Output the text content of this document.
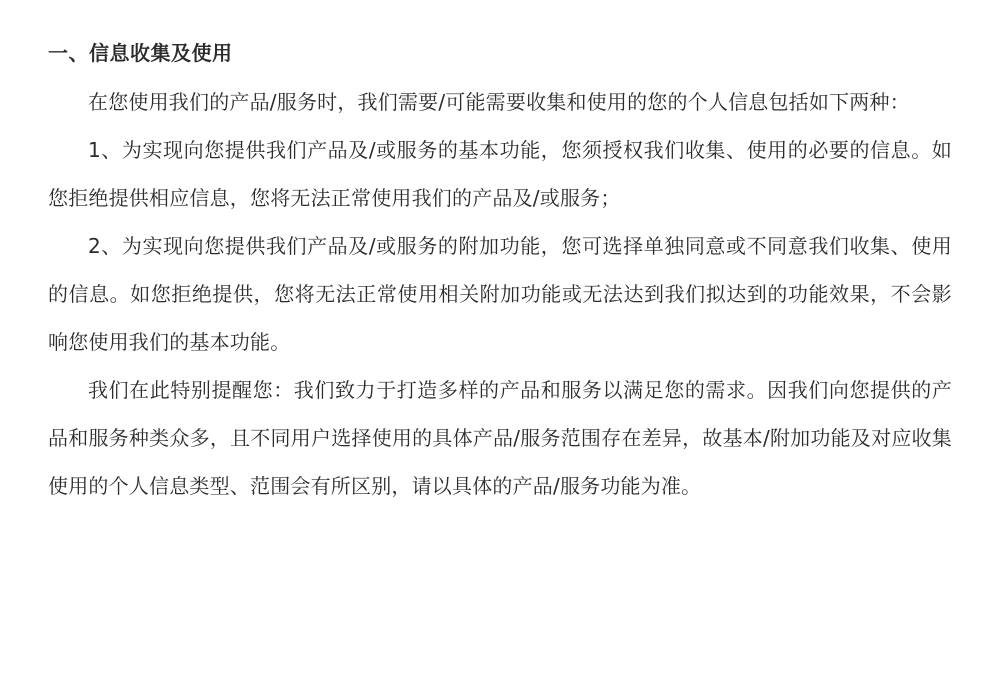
一、信息收集及使用

在您使用我们的产品/服务时，我们需要/可能需要收集和使用的您的个人信息包括如下两种：

1、为实现向您提供我们产品及/或服务的基本功能，您须授权我们收集、使用的必要的信息。如您拒绝提供相应信息，您将无法正常使用我们的产品及/或服务；

2、为实现向您提供我们产品及/或服务的附加功能，您可选择单独同意或不同意我们收集、使用的信息。如您拒绝提供，您将无法正常使用相关附加功能或无法达到我们拟达到的功能效果，不会影响您使用我们的基本功能。

我们在此特别提醒您：我们致力于打造多样的产品和服务以满足您的需求。因我们向您提供的产品和服务种类众多，且不同用户选择使用的具体产品/服务范围存在差异，故基本/附加功能及对应收集使用的个人信息类型、范围会有所区别，请以具体的产品/服务功能为准。
